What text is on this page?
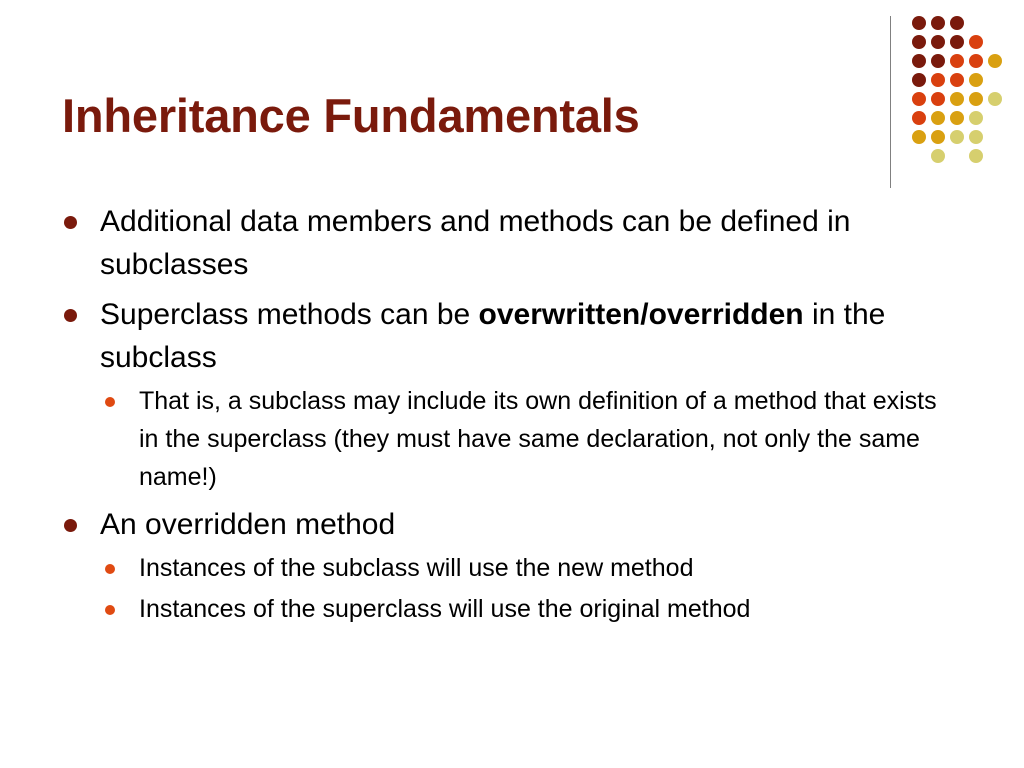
Inheritance Fundamentals
Additional data members and methods can be defined in subclasses
Superclass methods can be overwritten/overridden in the subclass
That is, a subclass may include its own definition of a method that exists in the superclass (they must have same declaration, not only the same name!)
An overridden method
Instances of the subclass will use the new method
Instances of the superclass will use the original method
